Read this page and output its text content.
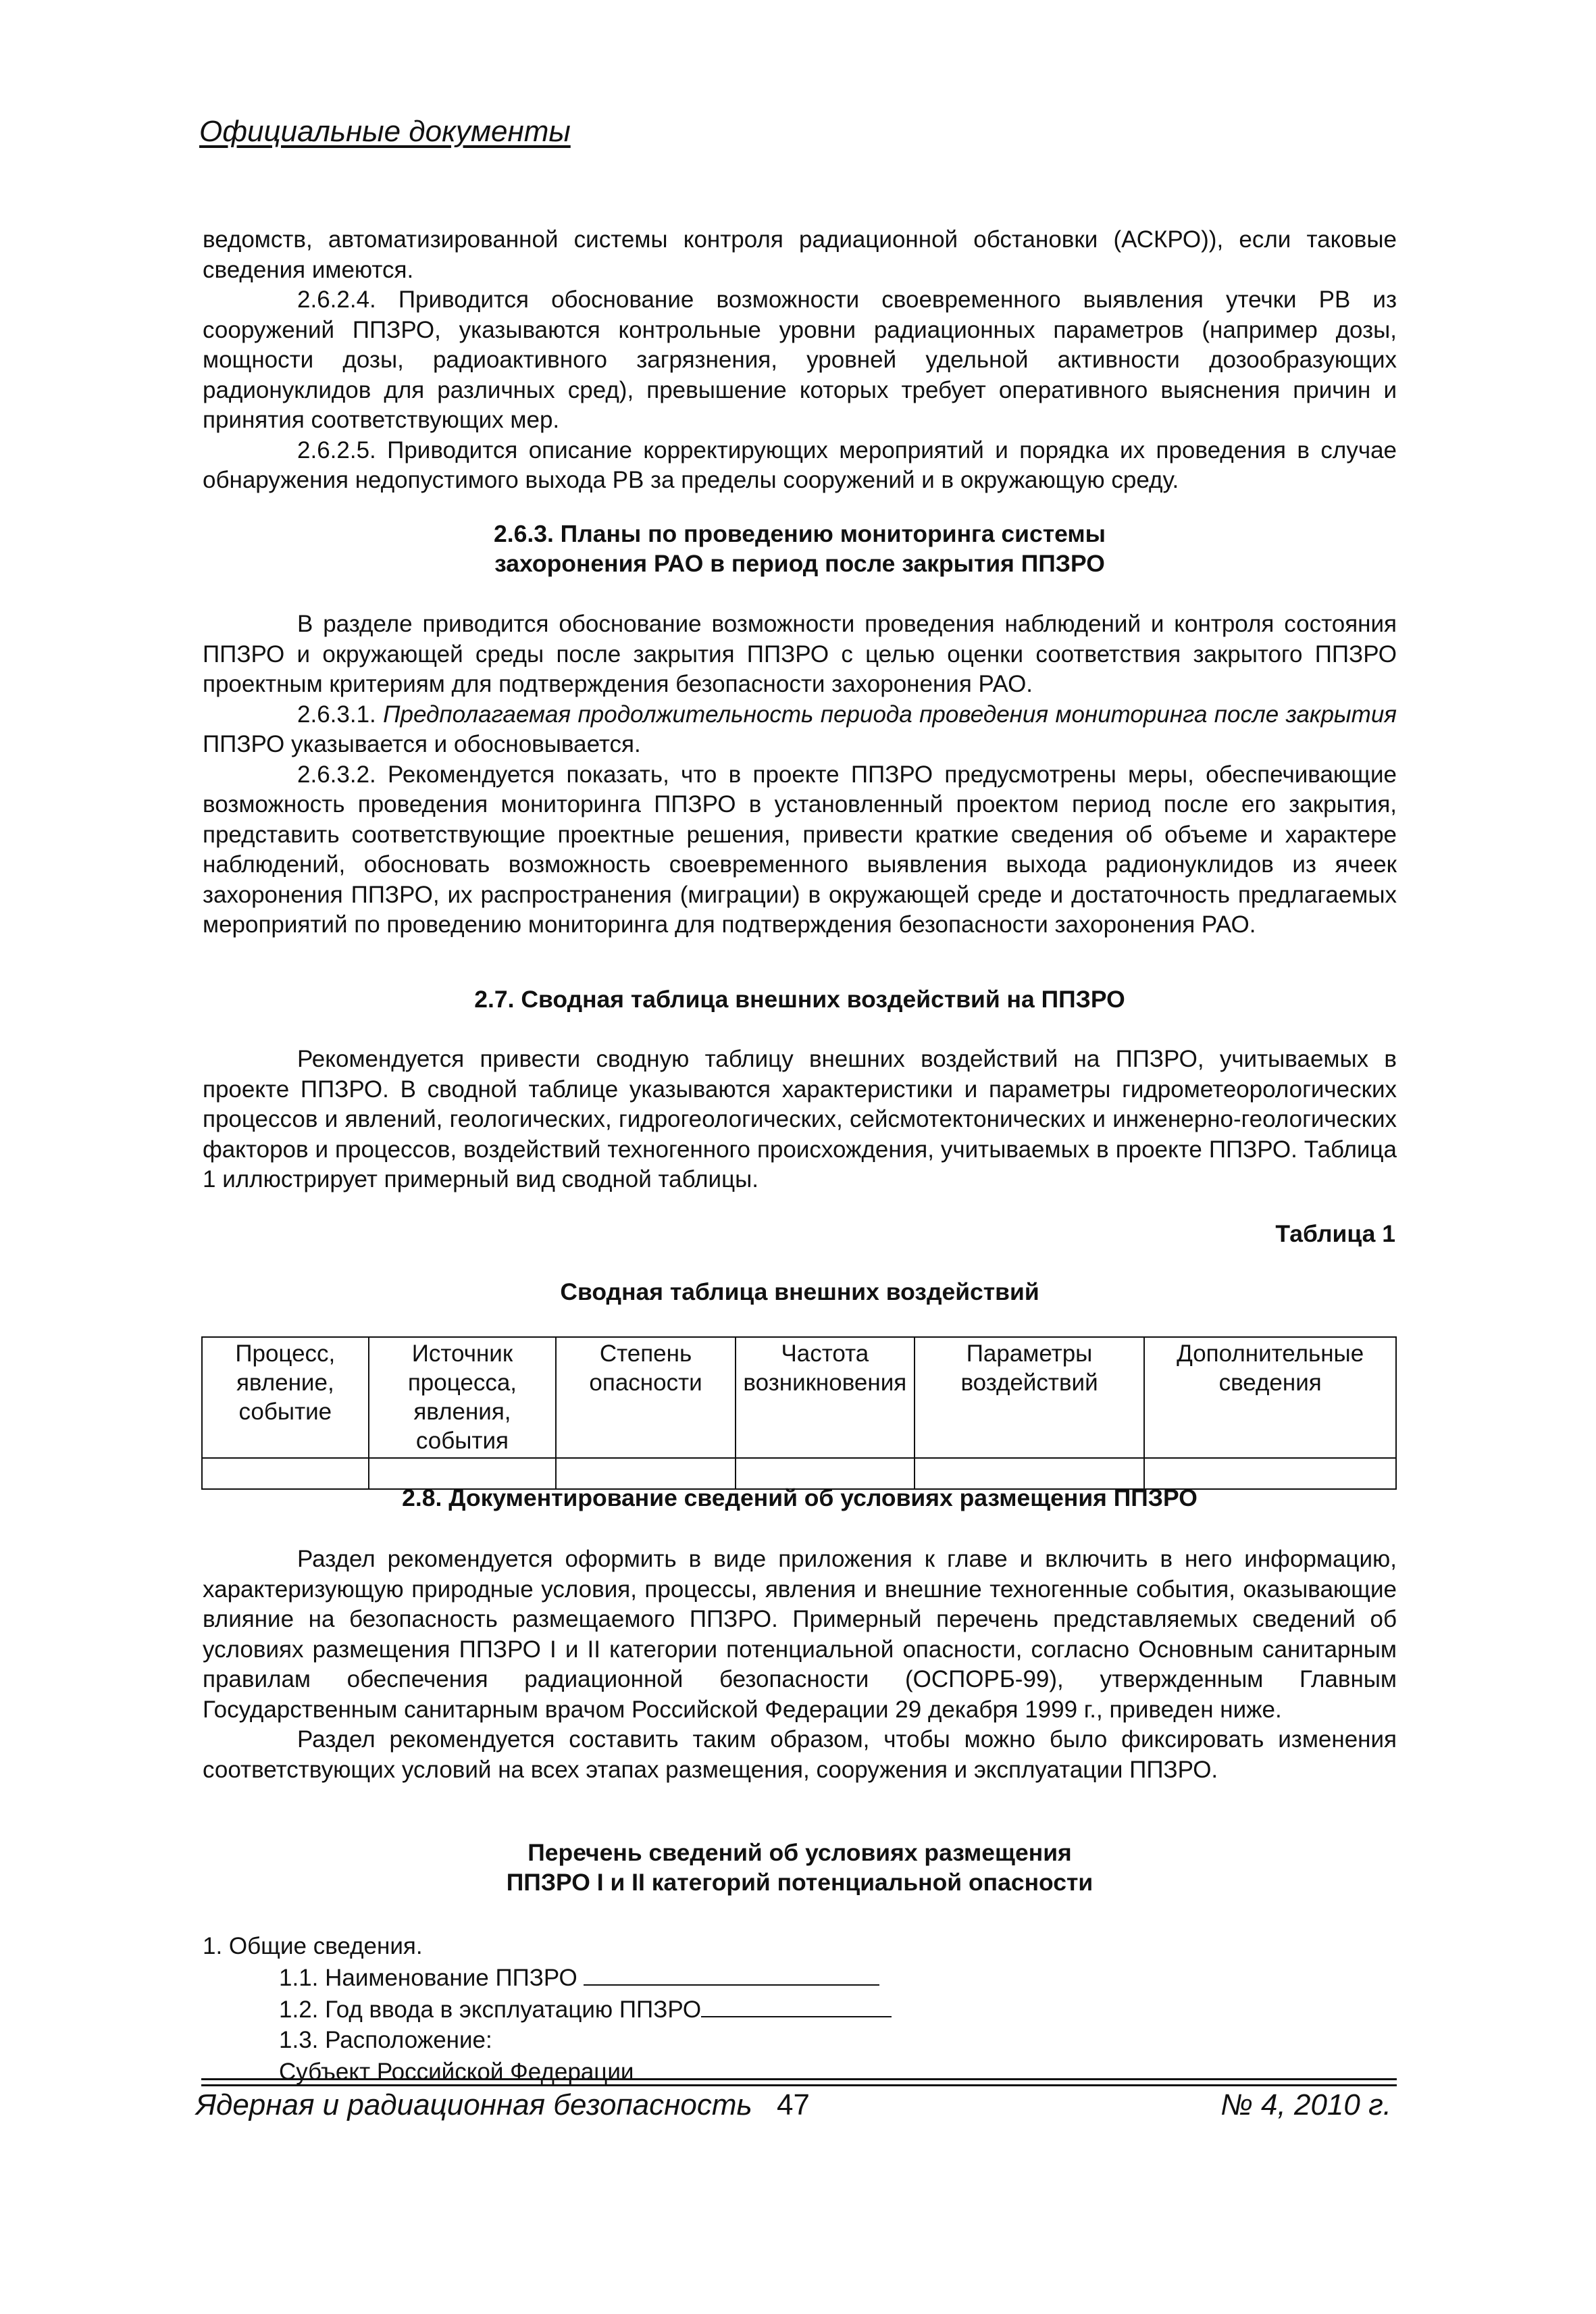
Официальные документы

ведомств, автоматизированной системы контроля радиационной обстановки (АСКРО)), если таковые сведения имеются.

2.6.2.4. Приводится обоснование возможности своевременного выявления утечки РВ из сооружений ППЗРО, указываются контрольные уровни радиационных параметров (например дозы, мощности дозы, радиоактивного загрязнения, уровней удельной активности дозообразующих радионуклидов для различных сред), превышение которых требует оперативного выяснения причин и принятия соответствующих мер.

2.6.2.5. Приводится описание корректирующих мероприятий и порядка их проведения в случае обнаружения недопустимого выхода РВ за пределы сооружений и в окружающую среду.

2.6.3. Планы по проведению мониторинга системы
захоронения РАО в период после закрытия ППЗРО

В разделе приводится обоснование возможности проведения наблюдений и контроля состояния ППЗРО и окружающей среды после закрытия ППЗРО с целью оценки соответствия закрытого ППЗРО проектным критериям для подтверждения безопасности захоронения РАО.

2.6.3.1. Предполагаемая продолжительность периода проведения мониторинга после закрытия ППЗРО указывается и обосновывается.

2.6.3.2. Рекомендуется показать, что в проекте ППЗРО предусмотрены меры, обеспечивающие возможность проведения мониторинга ППЗРО в установленный проектом период после его закрытия, представить соответствующие проектные решения, привести краткие сведения об объеме и характере наблюдений, обосновать возможность своевременного выявления выхода радионуклидов из ячеек захоронения ППЗРО, их распространения (миграции) в окружающей среде и достаточность предлагаемых мероприятий по проведению мониторинга для подтверждения безопасности захоронения РАО.

2.7. Сводная таблица внешних воздействий на ППЗРО

Рекомендуется привести сводную таблицу внешних воздействий на ППЗРО, учитываемых в проекте ППЗРО. В сводной таблице указываются характеристики и параметры гидрометеорологических процессов и явлений, геологических, гидрогеологических, сейсмотектонических и инженерно-геологических факторов и процессов, воздействий техногенного происхождения, учитываемых в проекте ППЗРО. Таблица 1 иллюстрирует примерный вид сводной таблицы.

Таблица 1
Сводная таблица внешних воздействий
Процесс, явление, событие	Источник процесса, явления, события	Степень опасности	Частота возникновения	Параметры воздействий	Дополнительные сведения

2.8. Документирование сведений об условиях размещения ППЗРО

Раздел рекомендуется оформить в виде приложения к главе и включить в него информацию, характеризующую природные условия, процессы, явления и внешние техногенные события, оказывающие влияние на безопасность размещаемого ППЗРО. Примерный перечень представляемых сведений об условиях размещения ППЗРО I и II категории потенциальной опасности, согласно Основным санитарным правилам обеспечения радиационной безопасности (ОСПОРБ-99), утвержденным Главным Государственным санитарным врачом Российской Федерации 29 декабря 1999 г., приведен ниже.

Раздел рекомендуется составить таким образом, чтобы можно было фиксировать изменения соответствующих условий на всех этапах размещения, сооружения и эксплуатации ППЗРО.

Перечень сведений об условиях размещения
ППЗРО I и II категорий потенциальной опасности
1. Общие сведения.
1.1. Наименование ППЗРО
1.2. Год ввода в эксплуатацию ППЗРО
1.3. Расположение:
Субъект Российской Федерации
Ядерная и радиационная безопасность 47	№ 4, 2010 г.
